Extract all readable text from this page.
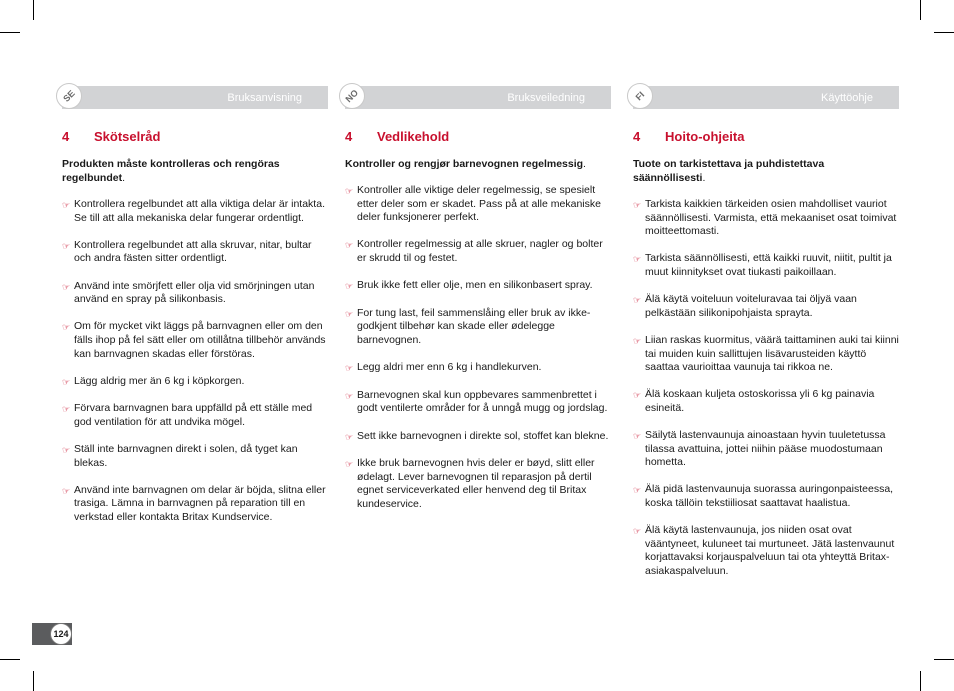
SE	Bruksanvisning
4	Skötselråd
Produkten måste kontrolleras och rengöras regelbundet.
☞ Kontrollera regelbundet att alla viktiga delar är intakta. Se till att alla mekaniska delar fungerar ordentligt.
☞ Kontrollera regelbundet att alla skruvar, nitar, bultar och andra fästen sitter ordentligt.
☞ Använd inte smörjfett eller olja vid smörjningen utan använd en spray på silikonbasis.
☞ Om för mycket vikt läggs på barnvagnen eller om den fälls ihop på fel sätt eller om otillåtna tillbehör används kan barnvagnen skadas eller förstöras.
☞ Lägg aldrig mer än 6 kg i köpkorgen.
☞ Förvara barnvagnen bara uppfälld på ett ställe med god ventilation för att undvika mögel.
☞ Ställ inte barnvagnen direkt i solen, då tyget kan blekas.
☞ Använd inte barnvagnen om delar är böjda, slitna eller trasiga. Lämna in barnvagnen på reparation till en verkstad eller kontakta Britax Kundservice.
NO	Bruksveiledning
4	Vedlikehold
Kontroller og rengjør barnevognen regelmessig.
☞ Kontroller alle viktige deler regelmessig, se spesielt etter deler som er skadet. Pass på at alle mekaniske deler funksjonerer perfekt.
☞ Kontroller regelmessig at alle skruer, nagler og bolter er skrudd til og festet.
☞ Bruk ikke fett eller olje, men en silikonbasert spray.
☞ For tung last, feil sammenslåing eller bruk av ikke-godkjent tilbehør kan skade eller ødelegge barnevognen.
☞ Legg aldri mer enn 6 kg i handlekurven.
☞ Barnevognen skal kun oppbevares sammenbrettet i godt ventilerte områder for å unngå mugg og jordslag.
☞ Sett ikke barnevognen i direkte sol, stoffet kan blekne.
☞ Ikke bruk barnevognen hvis deler er bøyd, slitt eller ødelagt. Lever barnevognen til reparasjon på dertil egnet serviceverkated eller henvend deg til Britax kundeservice.
FI	Käyttöohje
4	Hoito-ohjeita
Tuote on tarkistettava ja puhdistettava säännöllisesti.
☞ Tarkista kaikkien tärkeiden osien mahdolliset vauriot säännöllisesti. Varmista, että mekaaniset osat toimivat moitteettomasti.
☞ Tarkista säännöllisesti, että kaikki ruuvit, niitit, pultit ja muut kiinnitykset ovat tiukasti paikoillaan.
☞ Älä käytä voiteluun voiteluravaa tai öljyä vaan pelkästään silikonipohjaista sprayta.
☞ Liian raskas kuormitus, väärä taittaminen auki tai kiinni tai muiden kuin sallittujen lisävarusteiden käyttö saattaa vaurioittaa vaunuja tai rikkoa ne.
☞ Älä koskaan kuljeta ostoskorissa yli 6 kg painavia esineitä.
☞ Säilytä lastenvaunuja ainoastaan hyvin tuuletetussa tilassa avattuina, jottei niihin pääse muodostumaan hometta.
☞ Älä pidä lastenvaunuja suorassa auringonpaisteessa, koska tällöin tekstiiliosat saattavat haalistua.
☞ Älä käytä lastenvaunuja, jos niiden osat ovat vääntyneet, kuluneet tai murtuneet. Jätä lastenvaunut korjattavaksi korjauspalveluun tai ota yhteyttä Britax-asiakaspalveluun.
124
